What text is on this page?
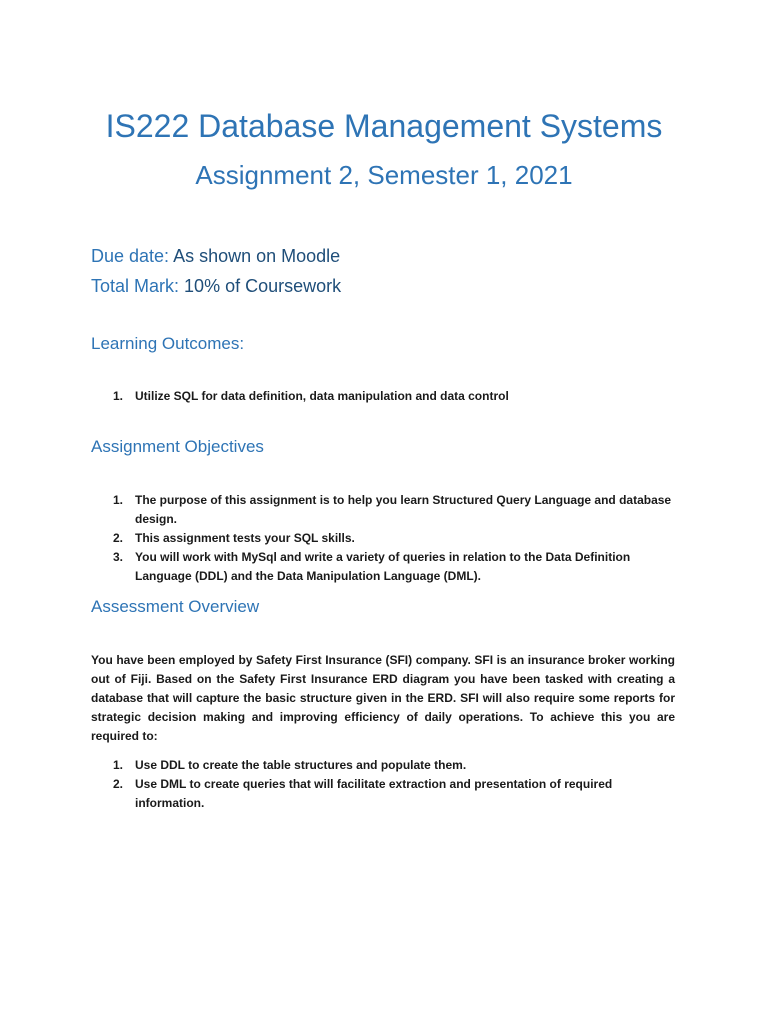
IS222 Database Management Systems
Assignment 2, Semester 1, 2021

Due date: As shown on Moodle

Total Mark: 10% of Coursework

Learning Outcomes:
1. Utilize SQL for data definition, data manipulation and data control
Assignment Objectives
1. The purpose of this assignment is to help you learn Structured Query Language and database design.
2. This assignment tests your SQL skills.
3. You will work with MySql and write a variety of queries in relation to the Data Definition Language (DDL) and the Data Manipulation Language (DML).
Assessment Overview

You have been employed by Safety First Insurance (SFI) company. SFI is an insurance broker working out of Fiji. Based on the Safety First Insurance ERD diagram you have been tasked with creating a database that will capture the basic structure given in the ERD. SFI will also require some reports for strategic decision making and improving efficiency of daily operations. To achieve this you are required to:

1. Use DDL to create the table structures and populate them.
2. Use DML to create queries that will facilitate extraction and presentation of required information.
